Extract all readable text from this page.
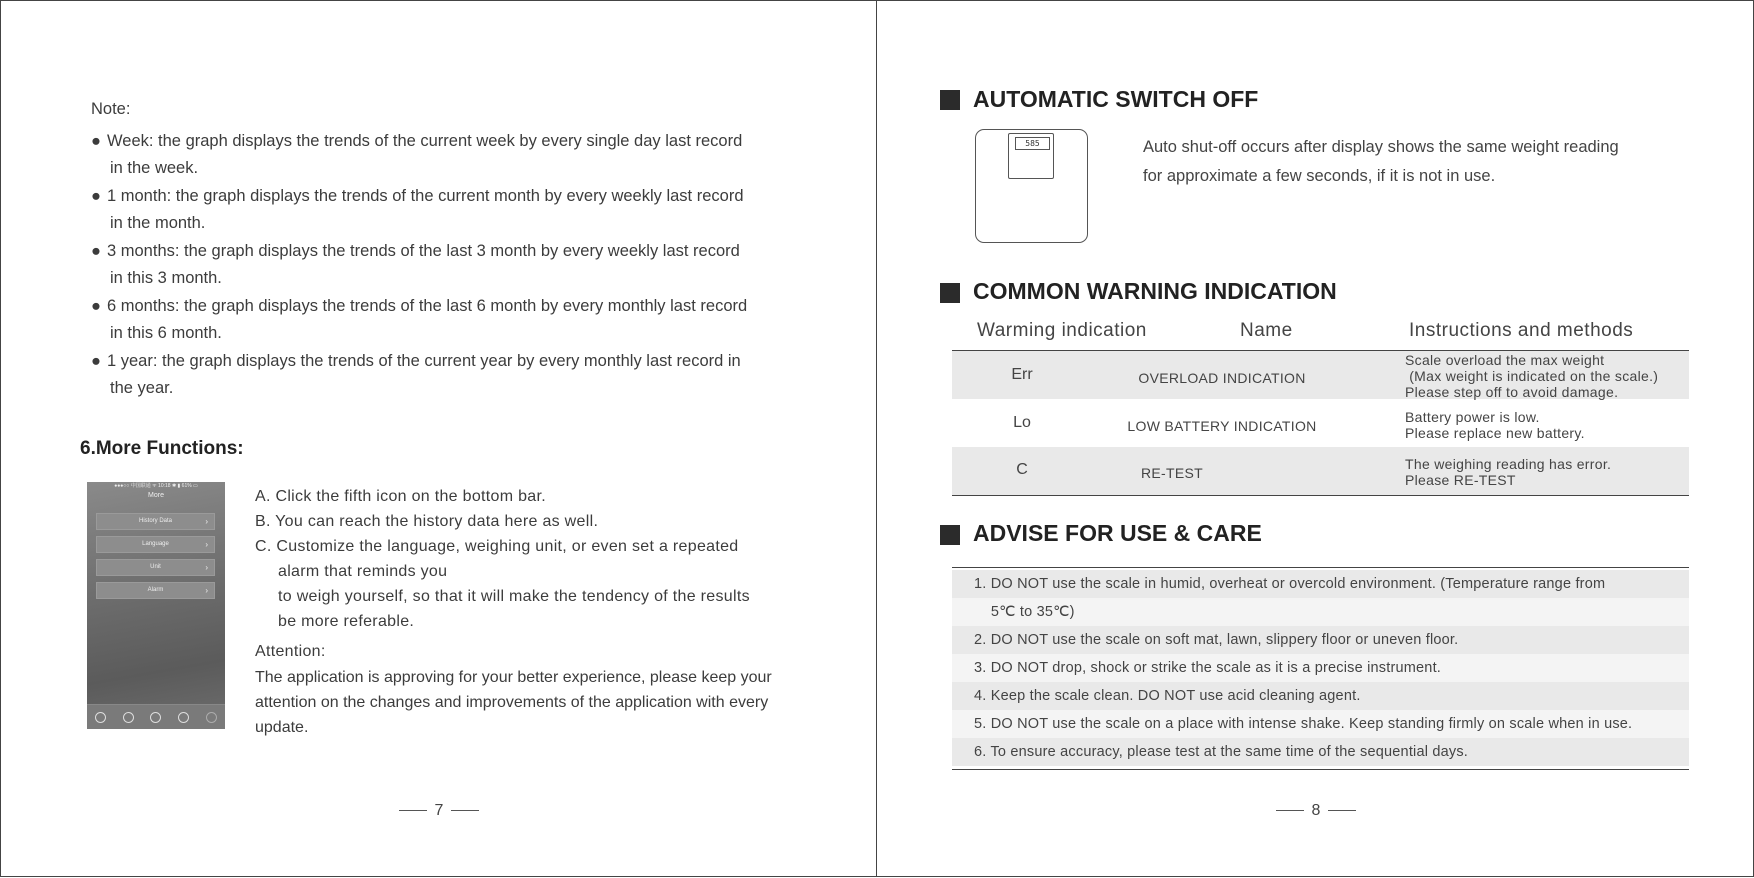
Note:
● Week: the graph displays the trends of the current week by every single day last record
in the week.
● 1 month: the graph displays the trends of the current month by every weekly last record
in the month.
● 3 months: the graph displays the trends of the last 3 month by every weekly last record
in this 3 month.
● 6 months: the graph displays the trends of the last 6 month by every monthly last record
in this 6 month.
● 1 year: the graph displays the trends of the current year by every monthly last record in
the year.
6.More Functions:
●●●○○ 中国联通 ᯤ 10:18 ✱ ▮ 61% ▭
More
History Data	›
Language	›
Unit	›
Alarm	›
A. Click the fifth icon on the bottom bar.
B. You can reach the history data here as well.
C. Customize the language, weighing unit, or even set a repeated
alarm that reminds you
to weigh yourself, so that it will make the tendency of the results
be more referable.
Attention:
The application is approving for your better experience, please keep your attention on the changes and improvements of the application with every update.
7
AUTOMATIC SWITCH OFF
585	Auto shut-off occurs after display shows the same weight reading
for approximate a few seconds, if it is not in use.
COMMON WARNING INDICATION
Warming indication	Name	Instructions and methods
Err	OVERLOAD INDICATION
Scale overload the max weight
(Max weight is indicated on the scale.)
Please step off to avoid damage.
Lo	LOW BATTERY INDICATION
Battery power is low.
Please replace new battery.
C	RE-TEST
The weighing reading has error.
Please RE-TEST
ADVISE FOR USE & CARE
1. DO NOT use the scale in humid, overheat or overcold environment. (Temperature range from
5℃ to 35℃)
2. DO NOT use the scale on soft mat, lawn, slippery floor or uneven floor.
3. DO NOT drop, shock or strike the scale as it is a precise instrument.
4. Keep the scale clean. DO NOT use acid cleaning agent.
5. DO NOT use the scale on a place with intense shake. Keep standing firmly on scale when in use.
6. To ensure accuracy, please test at the same time of the sequential days.
8
